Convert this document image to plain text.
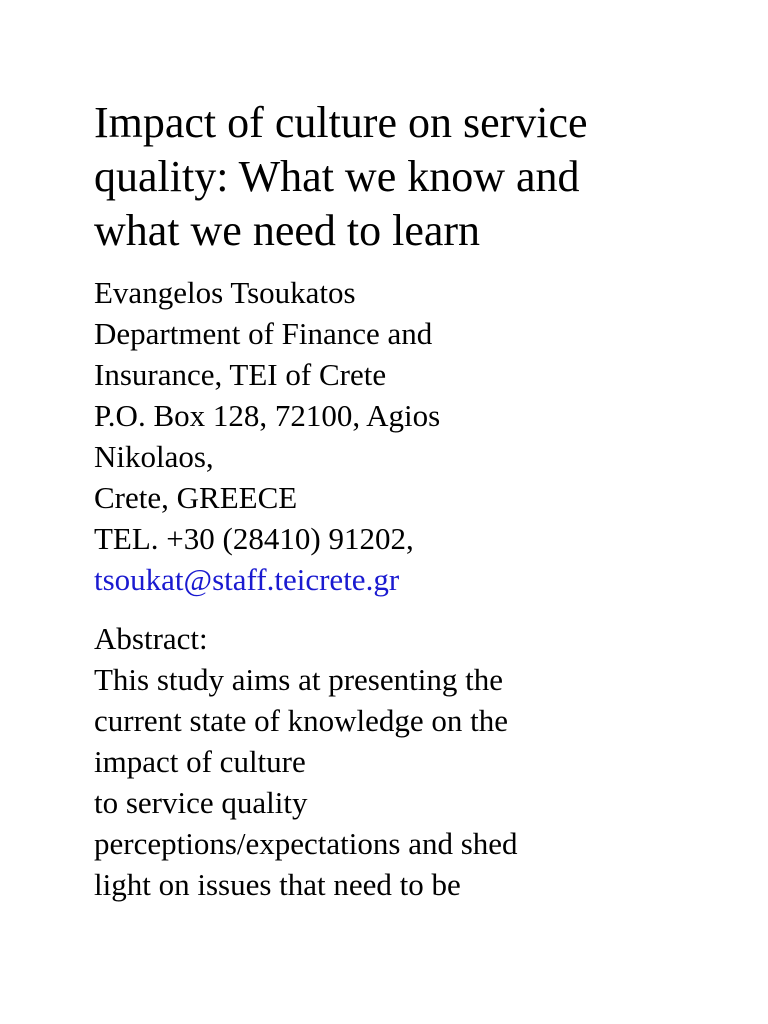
Impact of culture on service
quality: What we know and
what we need to learn
Evangelos Tsoukatos
Department of Finance and
Insurance, TEI of Crete
P.O. Box 128, 72100, Agios
Nikolaos,
Crete, GREECE
TEL. +30 (28410) 91202,
tsoukat@staff.teicrete.gr
Abstract:
This study aims at presenting the
current state of knowledge on the
impact of culture
to service quality
perceptions/expectations and shed
light on issues that need to be
